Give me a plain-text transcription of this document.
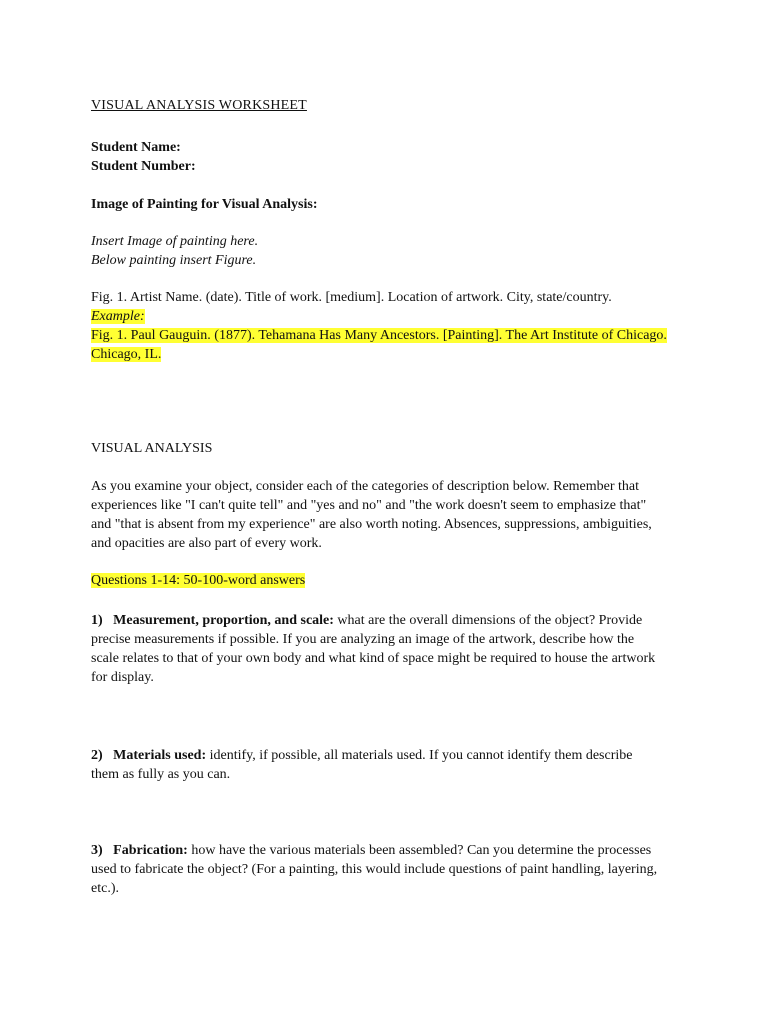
VISUAL ANALYSIS WORKSHEET
Student Name:
Student Number:
Image of Painting for Visual Analysis:
Insert Image of painting here.
Below painting insert Figure.
Fig. 1. Artist Name. (date). Title of work. [medium]. Location of artwork. City, state/country.
Example:
Fig. 1. Paul Gauguin. (1877). Tehamana Has Many Ancestors. [Painting]. The Art Institute of Chicago.
Chicago, IL.
VISUAL ANALYSIS
As you examine your object, consider each of the categories of description below. Remember that
experiences like "I can't quite tell" and "yes and no" and "the work doesn't seem to emphasize that"
and "that is absent from my experience" are also worth noting. Absences, suppressions, ambiguities,
and opacities are also part of every work.
Questions 1-14: 50-100-word answers
1) Measurement, proportion, and scale: what are the overall dimensions of the object? Provide
precise measurements if possible. If you are analyzing an image of the artwork, describe how the
scale relates to that of your own body and what kind of space might be required to house the artwork
for display.
2) Materials used: identify, if possible, all materials used. If you cannot identify them describe
them as fully as you can.
3) Fabrication: how have the various materials been assembled? Can you determine the processes
used to fabricate the object? (For a painting, this would include questions of paint handling, layering,
etc.).
